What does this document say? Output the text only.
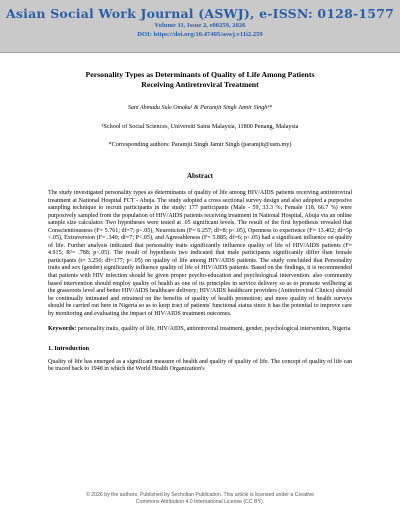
Asian Social Work Journal (ASWJ), e-ISSN: 0128-1577
Volume 11, Issue 2, e00259, 2026
DOI: https://doi.org/10.47405/aswj.v11i2.259
Personality Types as Determinants of Quality of Life Among Patients
Receiving Antiretroviral Treatment
Sani Ahmadu Sule Omaku¹ & Paramjit Singh Jamir Singh¹*
¹School of Social Sciences, Universiti Sains Malaysia, 11800 Penang, Malaysia
*Corresponding authors: Paramjit Singh Jamir Singh (paramjit@usm.my)
Abstract
The study investigated personality types as determinants of quality of life among HIV/AIDS patients receiving antiretroviral treatment at National Hospital FCT - Abuja. The study adopted a cross sectional survey design and also adopted a purposive sampling technique to recruit participants in the study: 177 participants (Male - 59, 33.3 %; Female 118, 66.7 %) were purposively sampled from the population of HIV/AIDS patients receiving treatment in National Hospital, Abuja via an online sample size calculator. Two hypotheses were tested at .05 significant levels. The result of the first hypothesis revealed that Conscientiousness (F= 5.761; df=7; p<.05), Neuroticism (F= 6.257; df=8; p<.05), Openness to experience (F= 13.402; df=5p <.05), Extraversion (F= .340; df=7; P<.05), and Agreeableness (F= 5.885; df=6; p<.05) had a significant influence on quality of life. Further analysis indicated that personality traits significantly influence quality of life of HIV/AIDS patients (F= 4.915; R²= .788; p<.05). The result of hypothesis two indicated that male participants significantly differ than female participants (t= 3.256; df=177; p<.05) on quality of life among HIV/AIDS patients. The study concluded that Personality traits and sex (gender) significantly influence quality of life of HIV/AIDS patients. Based on the findings, it is recommended that patients with HIV infection should be given proper psycho-education and psychological intervention. also community based intervention should employ quality of health as one of its principles in service delivery so as to promote wellbeing at the grassroots level and better HIV/AIDS healthcare delivery; HIV/AIDS healthcare providers (Antiretroviral Clinics) should be continually intimated and retrained on the benefits of quality of health promotion; and more quality of health surveys should be carried out here in Nigeria so as to keep tract of patients' functional status since it has the potential to improve care by monitoring and evaluating the impact of HIV/AIDS treatment outcomes.
Keywords: personality traits, quality of life, HIV/AIDS, antiretroviral treatment, gender, psychological intervention, Nigeria
1. Introduction
Quality of life has emerged as a significant measure of health and quality of quality of life. The concept of quality of life can be traced back to 1948 in which the World Health Organization's
© 2026 by the authors. Published by Secholian Publication. This article is licensed under a Creative
Commons Attribution 4.0 International License (CC BY).
